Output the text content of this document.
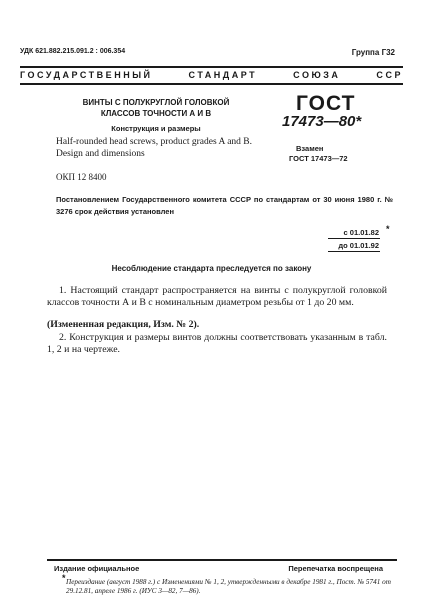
УДК 621.882.215.091.2 : 006.354	Группа Г32
ГОСУДАРСТВЕННЫЙ СТАНДАРТ СОЮЗА ССР
ВИНТЫ С ПОЛУКРУГЛОЙ ГОЛОВКОЙ
КЛАССОВ ТОЧНОСТИ А И В
Конструкция и размеры
ГОСТ
17473—80*
Взамен
ГОСТ 17473—72
Half-rounded head screws, product grades A and B.
Design and dimensions
ОКП 12 8400
Постановлением Государственного комитета СССР по стандартам от 30 июня 1980 г. № 3276 срок действия установлен
с 01.01.82
до 01.01.92
*
Несоблюдение стандарта преследуется по закону
1. Настоящий стандарт распространяется на винты с полукруглой головкой классов точности А и В с номинальным диаметром резьбы от 1 до 20 мм.
(Измененная редакция, Изм. № 2).
2. Конструкция и размеры винтов должны соответствовать указанным в табл. 1, 2 и на чертеже.
Издание официальное	Перепечатка воспрещена
* Переиздание (август 1988 г.) с Изменениями № 1, 2, утвержденными в декабре 1981 г., Пост. № 5741 от 29.12.81, апреле 1986 г. (ИУС 3—82, 7—86).
